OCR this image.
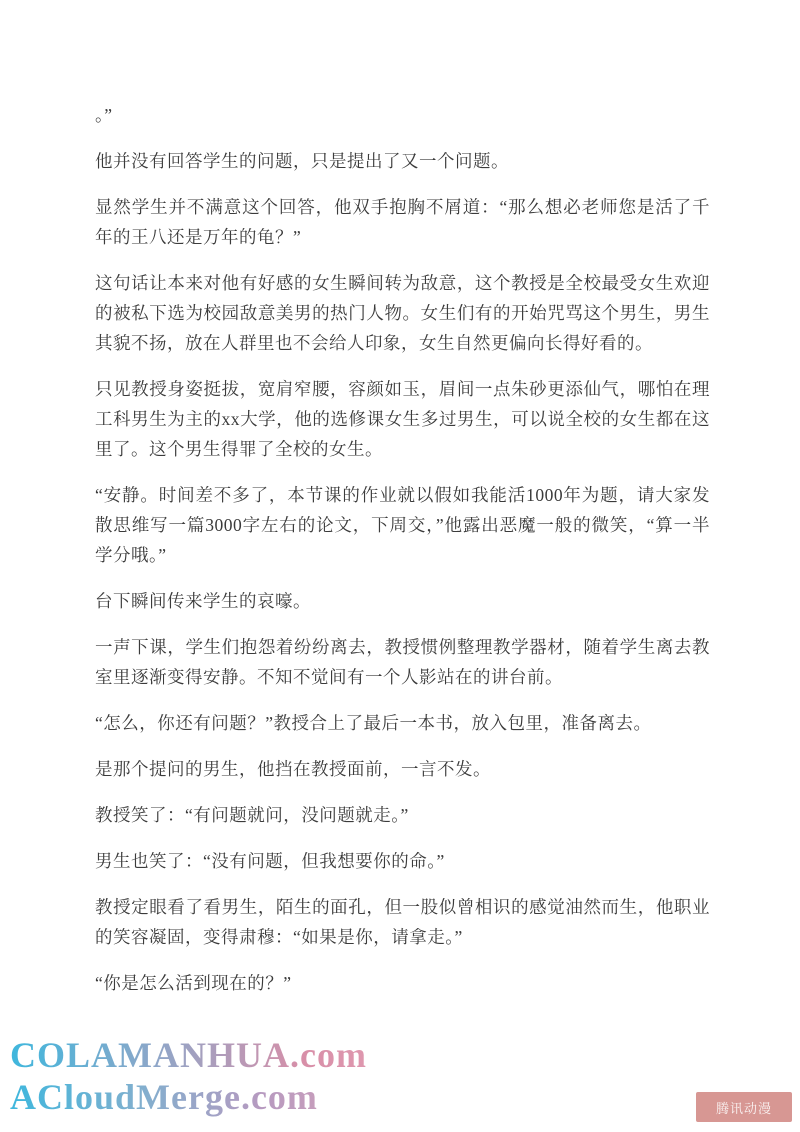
。”

他并没有回答学生的问题，只是提出了又一个问题。

显然学生并不满意这个回答，他双手抱胸不屑道：“那么想必老师您是活了千年的王八还是万年的龟？”

这句话让本来对他有好感的女生瞬间转为敌意，这个教授是全校最受女生欢迎的被私下选为校园敌意美男的热门人物。女生们有的开始咒骂这个男生，男生其貌不扬，放在人群里也不会给人印象，女生自然更偏向长得好看的。

只见教授身姿挺拔，宽肩窄腰，容颜如玉，眉间一点朱砂更添仙气，哪怕在理工科男生为主的xx大学，他的选修课女生多过男生，可以说全校的女生都在这里了。这个男生得罪了全校的女生。

“安静。时间差不多了，本节课的作业就以假如我能活1000年为题，请大家发散思维写一篇3000字左右的论文，下周交，”他露出恶魔一般的微笑，“算一半学分哦。”

台下瞬间传来学生的哀嚎。

一声下课，学生们抱怨着纷纷离去，教授惯例整理教学器材，随着学生离去教室里逐渐变得安静。不知不觉间有一个人影站在的讲台前。

“怎么，你还有问题？”教授合上了最后一本书，放入包里，准备离去。

是那个提问的男生，他挡在教授面前，一言不发。

教授笑了：“有问题就问，没问题就走。”

男生也笑了：“没有问题，但我想要你的命。”

教授定眼看了看男生，陌生的面孔，但一股似曾相识的感觉油然而生，他职业的笑容凝固，变得肃穆：“如果是你，请拿走。”

“你是怎么活到现在的？”

COLAMANHUA.com
ACloudMerge.com	腾讯动漫
